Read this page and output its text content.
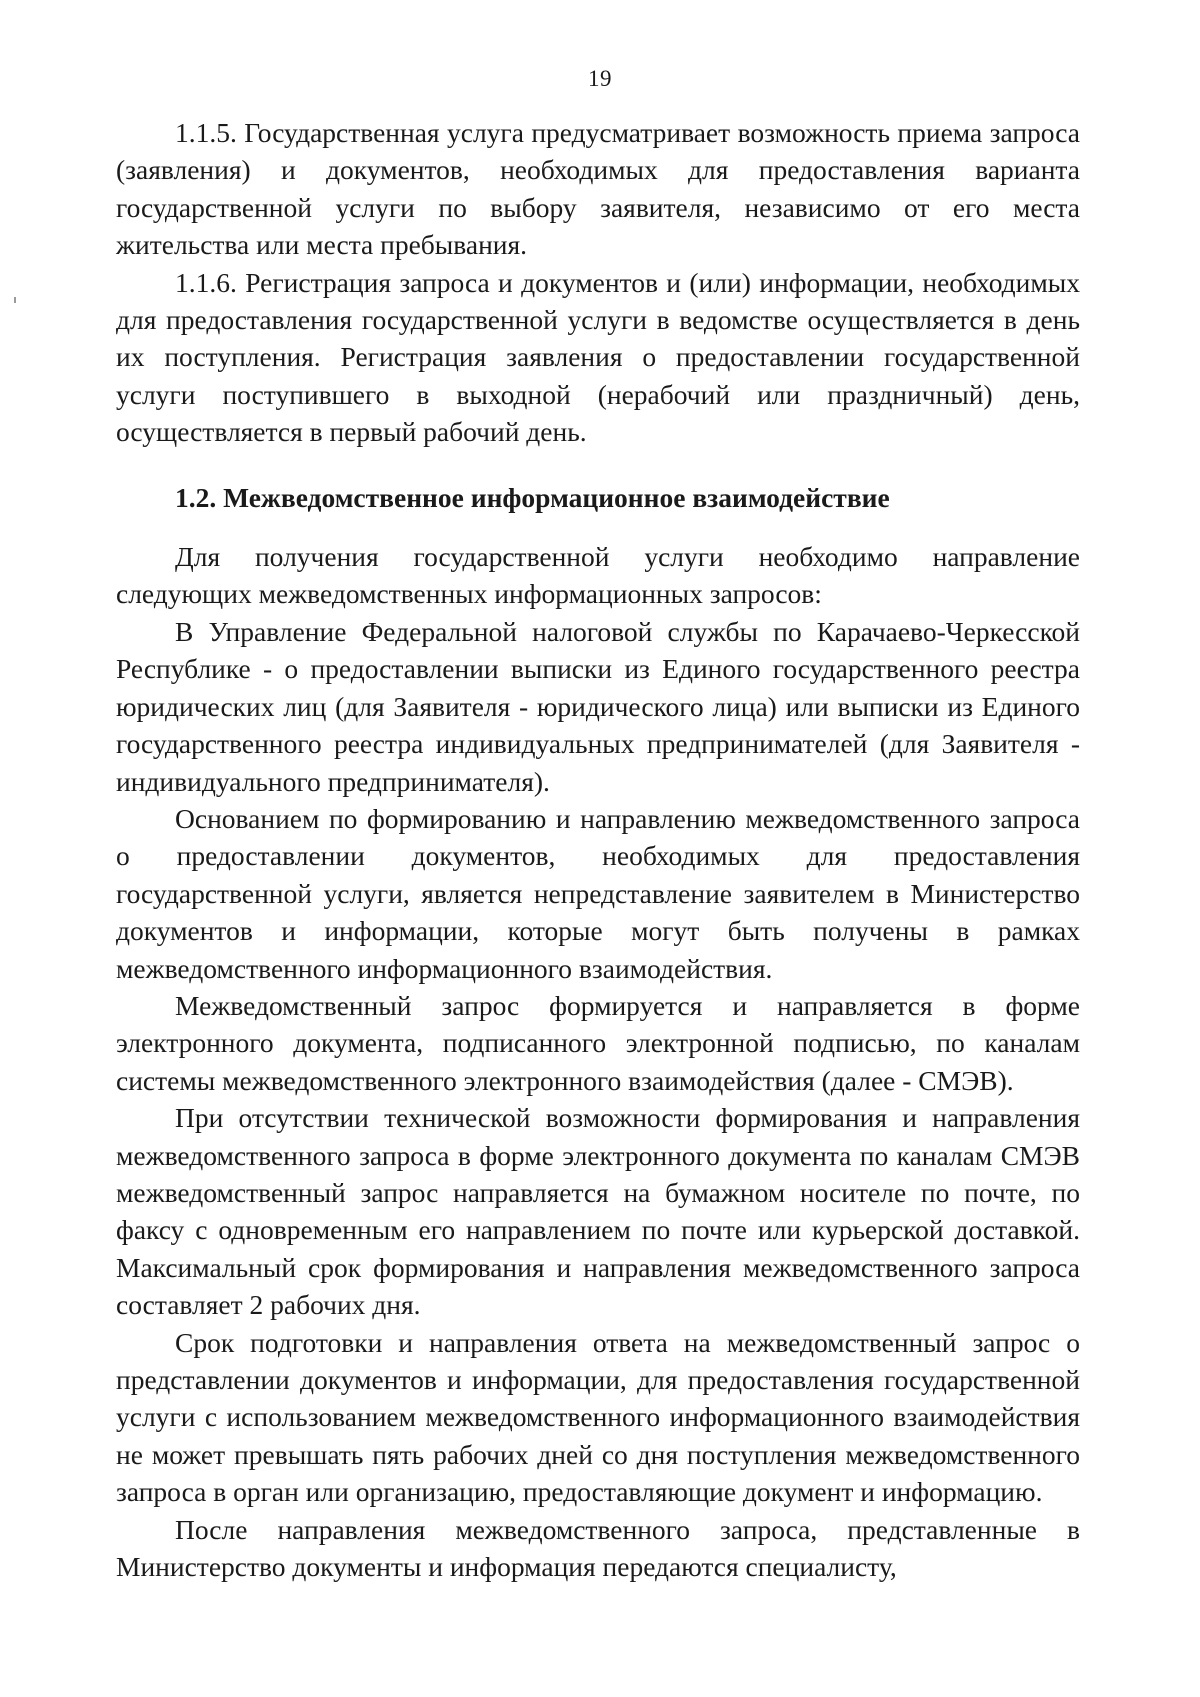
19

1.1.5. Государственная услуга предусматривает возможность приема запроса (заявления) и документов, необходимых для предоставления варианта государственной услуги по выбору заявителя, независимо от его места жительства или места пребывания.

1.1.6. Регистрация запроса и документов и (или) информации, необходимых для предоставления государственной услуги в ведомстве осуществляется в день их поступления. Регистрация заявления о предоставлении государственной услуги поступившего в выходной (нерабочий или праздничный) день, осуществляется в первый рабочий день.

1.2. Межведомственное информационное взаимодействие

Для получения государственной услуги необходимо направление следующих межведомственных информационных запросов:

В Управление Федеральной налоговой службы по Карачаево-Черкесской Республике - о предоставлении выписки из Единого государственного реестра юридических лиц (для Заявителя - юридического лица) или выписки из Единого государственного реестра индивидуальных предпринимателей (для Заявителя - индивидуального предпринимателя).

Основанием по формированию и направлению межведомственного запроса о предоставлении документов, необходимых для предоставления государственной услуги, является непредставление заявителем в Министерство документов и информации, которые могут быть получены в рамках межведомственного информационного взаимодействия.

Межведомственный запрос формируется и направляется в форме электронного документа, подписанного электронной подписью, по каналам системы межведомственного электронного взаимодействия (далее - СМЭВ).

При отсутствии технической возможности формирования и направления межведомственного запроса в форме электронного документа по каналам СМЭВ межведомственный запрос направляется на бумажном носителе по почте, по факсу с одновременным его направлением по почте или курьерской доставкой. Максимальный срок формирования и направления межведомственного запроса составляет 2 рабочих дня.

Срок подготовки и направления ответа на межведомственный запрос о представлении документов и информации, для предоставления государственной услуги с использованием межведомственного информационного взаимодействия не может превышать пять рабочих дней со дня поступления межведомственного запроса в орган или организацию, предоставляющие документ и информацию.

После направления межведомственного запроса, представленные в Министерство документы и информация передаются специалисту,
